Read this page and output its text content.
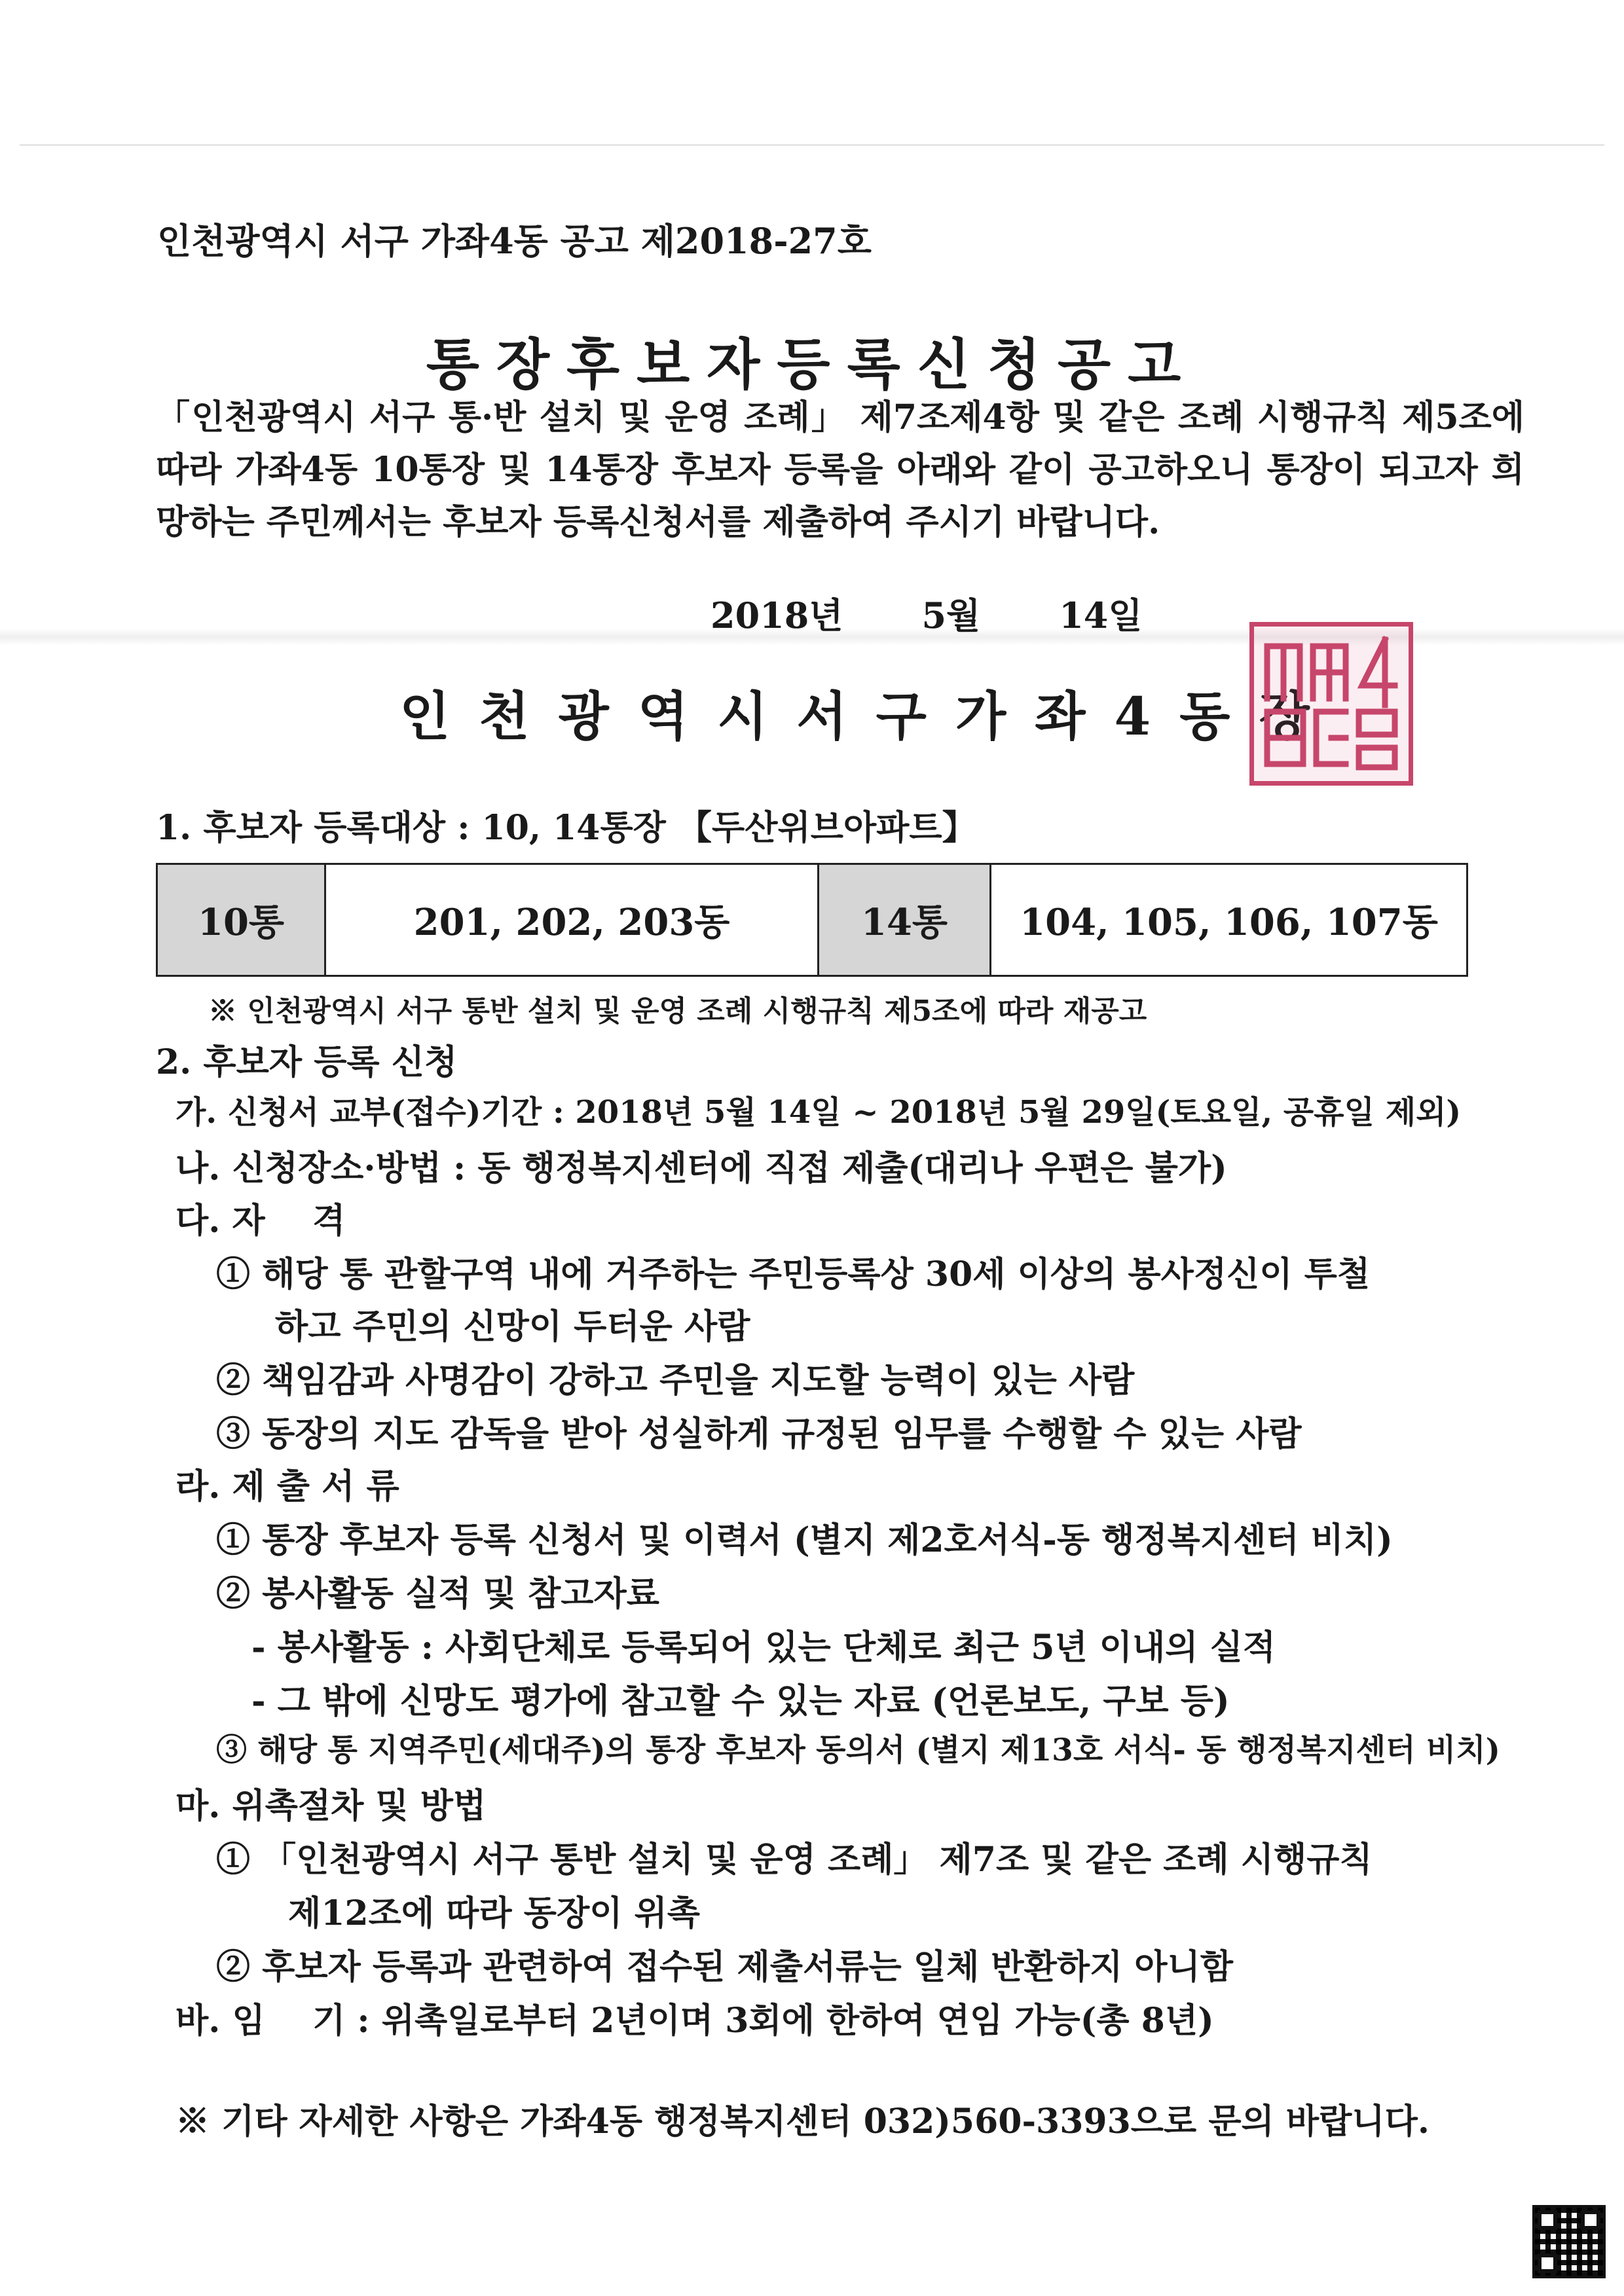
인천광역시 서구 가좌4동 공고 제2018-27호
통장후보자등록신청공고
「인천광역시 서구 통·반 설치 및 운영 조례」 제7조제4항 및 같은 조례 시행규칙 제5조에 따라 가좌4동 10통장 및 14통장 후보자 등록을 아래와 같이 공고하오니 통장이 되고자 희망하는 주민께서는 후보자 등록신청서를 제출하여 주시기 바랍니다.
2018년 5월 14일
인천광역시서구가좌4동장
1. 후보자 등록대상 : 10, 14통장 【두산위브아파트】
10통	201, 202, 203동	14통	104, 105, 106, 107동
※ 인천광역시 서구 통반 설치 및 운영 조례 시행규칙 제5조에 따라 재공고
2. 후보자 등록 신청
가. 신청서 교부(접수)기간 : 2018년 5월 14일 ~ 2018년 5월 29일(토요일, 공휴일 제외)
나. 신청장소·방법 : 동 행정복지센터에 직접 제출(대리나 우편은 불가)
다. 자    격
① 해당 통 관할구역 내에 거주하는 주민등록상 30세 이상의 봉사정신이 투철
하고 주민의 신망이 두터운 사람
② 책임감과 사명감이 강하고 주민을 지도할 능력이 있는 사람
③ 동장의 지도 감독을 받아 성실하게 규정된 임무를 수행할 수 있는 사람
라. 제 출 서 류
① 통장 후보자 등록 신청서 및 이력서 (별지 제2호서식-동 행정복지센터 비치)
② 봉사활동 실적 및 참고자료
- 봉사활동 : 사회단체로 등록되어 있는 단체로 최근 5년 이내의 실적
- 그 밖에 신망도 평가에 참고할 수 있는 자료 (언론보도, 구보 등)
③ 해당 통 지역주민(세대주)의 통장 후보자 동의서 (별지 제13호 서식- 동 행정복지센터 비치)
마. 위촉절차 및 방법
① 「인천광역시 서구 통반 설치 및 운영 조례」 제7조 및 같은 조례 시행규칙
제12조에 따라 동장이 위촉
② 후보자 등록과 관련하여 접수된 제출서류는 일체 반환하지 아니함
바. 임    기 : 위촉일로부터 2년이며 3회에 한하여 연임 가능(총 8년)
※ 기타 자세한 사항은 가좌4동 행정복지센터 032)560-3393으로 문의 바랍니다.
